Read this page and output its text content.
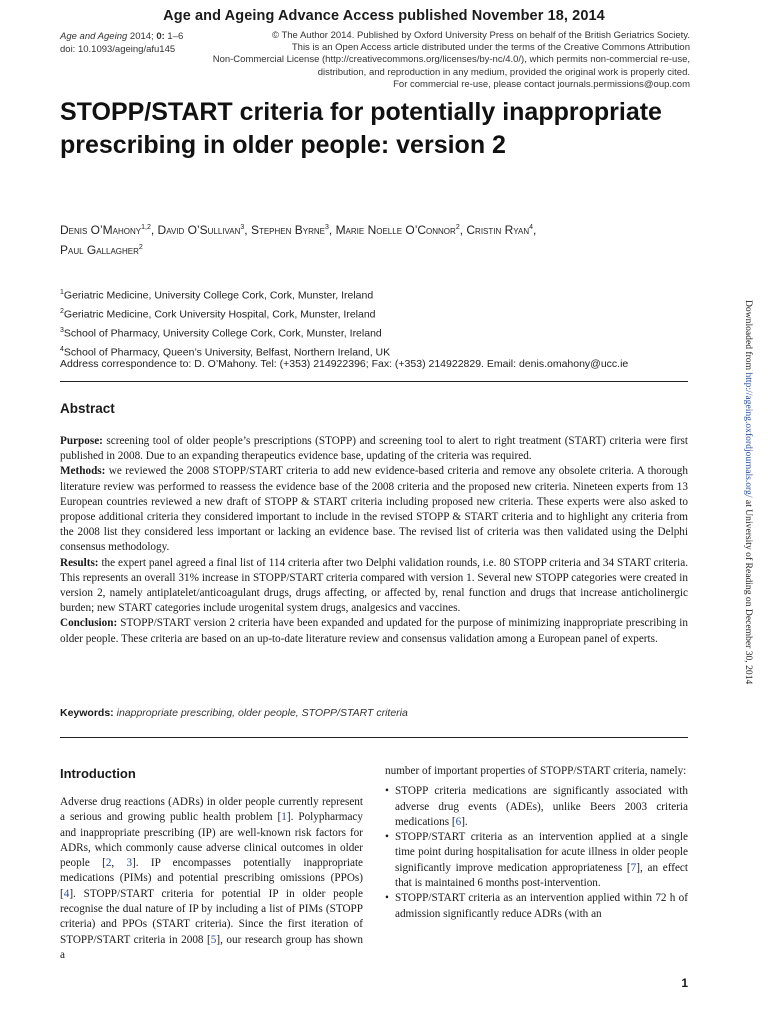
Age and Ageing Advance Access published November 18, 2014
Age and Ageing 2014; 0: 1–6
doi: 10.1093/ageing/afu145
© The Author 2014. Published by Oxford University Press on behalf of the British Geriatrics Society.
This is an Open Access article distributed under the terms of the Creative Commons Attribution
Non-Commercial License (http://creativecommons.org/licenses/by-nc/4.0/), which permits non-commercial re-use,
distribution, and reproduction in any medium, provided the original work is properly cited.
For commercial re-use, please contact journals.permissions@oup.com
STOPP/START criteria for potentially inappropriate prescribing in older people: version 2
Denis O’Mahony$^{1,2}$, David O’Sullivan$^3$, Stephen Byrne$^3$, Marie Noelle O’Connor$^2$, Cristin Ryan$^4$,
Paul Gallagher$^2$
$^1$Geriatric Medicine, University College Cork, Cork, Munster, Ireland
$^2$Geriatric Medicine, Cork University Hospital, Cork, Munster, Ireland
$^3$School of Pharmacy, University College Cork, Cork, Munster, Ireland
$^4$School of Pharmacy, Queen’s University, Belfast, Northern Ireland, UK
Address correspondence to: D. O’Mahony. Tel: (+353) 214922396; Fax: (+353) 214922829. Email: denis.omahony@ucc.ie
Abstract

Purpose: screening tool of older people’s prescriptions (STOPP) and screening tool to alert to right treatment (START) criteria were first published in 2008. Due to an expanding therapeutics evidence base, updating of the criteria was required.

Methods: we reviewed the 2008 STOPP/START criteria to add new evidence-based criteria and remove any obsolete criteria. A thorough literature review was performed to reassess the evidence base of the 2008 criteria and the proposed new criteria. Nineteen experts from 13 European countries reviewed a new draft of STOPP & START criteria including proposed new criteria. These experts were also asked to propose additional criteria they considered important to include in the revised STOPP & START criteria and to highlight any criteria from the 2008 list they considered less important or lacking an evidence base. The revised list of criteria was then validated using the Delphi consensus methodology.

Results: the expert panel agreed a final list of 114 criteria after two Delphi validation rounds, i.e. 80 STOPP criteria and 34 START criteria. This represents an overall 31% increase in STOPP/START criteria compared with version 1. Several new STOPP categories were created in version 2, namely antiplatelet/anticoagulant drugs, drugs affecting, or affected by, renal function and drugs that increase anticholinergic burden; new START categories include urogenital system drugs, analgesics and vaccines.

Conclusion: STOPP/START version 2 criteria have been expanded and updated for the purpose of minimizing inappropriate prescribing in older people. These criteria are based on an up-to-date literature review and consensus validation among a European panel of experts.

Keywords: inappropriate prescribing, older people, STOPP/START criteria
Introduction
Adverse drug reactions (ADRs) in older people currently represent a serious and growing public health problem [1]. Polypharmacy and inappropriate prescribing (IP) are well-known risk factors for ADRs, which commonly cause adverse clinical outcomes in older people [2, 3]. IP encompasses potentially inappropriate medications (PIMs) and potential prescribing omissions (PPOs) [4]. STOPP/START criteria for potential IP in older people recognise the dual nature of IP by including a list of PIMs (STOPP criteria) and PPOs (START criteria). Since the first iteration of STOPP/START criteria in 2008 [5], our research group has shown a

number of important properties of STOPP/START criteria, namely:

• STOPP criteria medications are significantly associated with adverse drug events (ADEs), unlike Beers 2003 criteria medications [6].
• STOPP/START criteria as an intervention applied at a single time point during hospitalisation for acute illness in older people significantly improve medication appropriateness [7], an effect that is maintained 6 months post-intervention.
• STOPP/START criteria as an intervention applied within 72 h of admission significantly reduce ADRs (with an
1
Downloaded from http://ageing.oxfordjournals.org/ at University of Reading on December 30, 2014
